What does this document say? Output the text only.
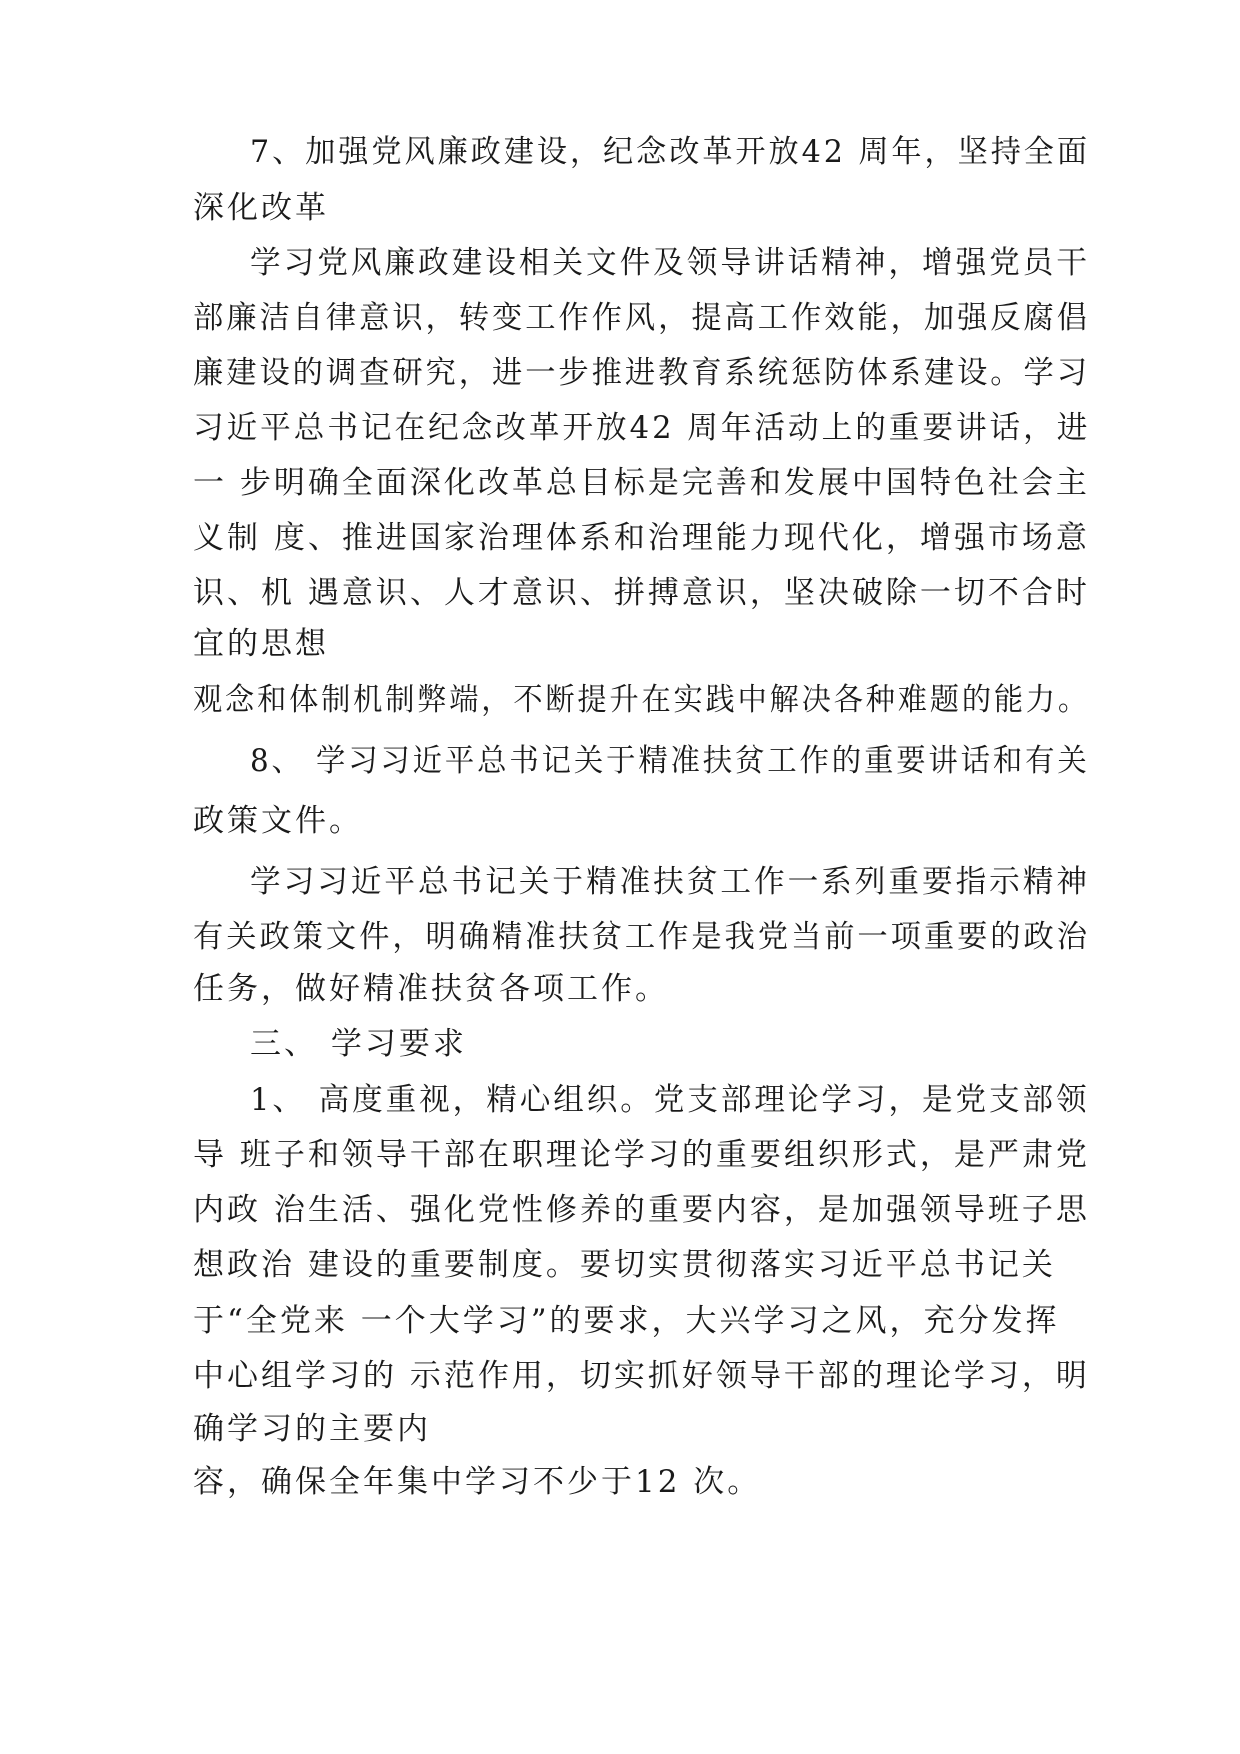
7、加强党风廉政建设，纪念改革开放42 周年，坚持全面
深化改革
学习党风廉政建设相关文件及领导讲话精神，增强党员干
部廉洁自律意识，转变工作作风，提高工作效能，加强反腐倡
廉建设的调查研究，进一步推进教育系统惩防体系建设。学习
习近平总书记在纪念改革开放42 周年活动上的重要讲话，进
一 步明确全面深化改革总目标是完善和发展中国特色社会主
义制 度、推进国家治理体系和治理能力现代化，增强市场意
识、机 遇意识、人才意识、拼搏意识，坚决破除一切不合时
宜的思想
观念和体制机制弊端，不断提升在实践中解决各种难题的能力。
8、 学习习近平总书记关于精准扶贫工作的重要讲话和有关
政策文件。
学习习近平总书记关于精准扶贫工作一系列重要指示精神
有关政策文件，明确精准扶贫工作是我党当前一项重要的政治
任务，做好精准扶贫各项工作。
三、 学习要求
1、 高度重视，精心组织。党支部理论学习，是党支部领
导 班子和领导干部在职理论学习的重要组织形式，是严肃党
内政 治生活、强化党性修养的重要内容，是加强领导班子思
想政治 建设的重要制度。要切实贯彻落实习近平总书记关
于“全党来 一个大学习”的要求，大兴学习之风，充分发挥
中心组学习的 示范作用，切实抓好领导干部的理论学习，明
确学习的主要内
容，确保全年集中学习不少于12 次。
